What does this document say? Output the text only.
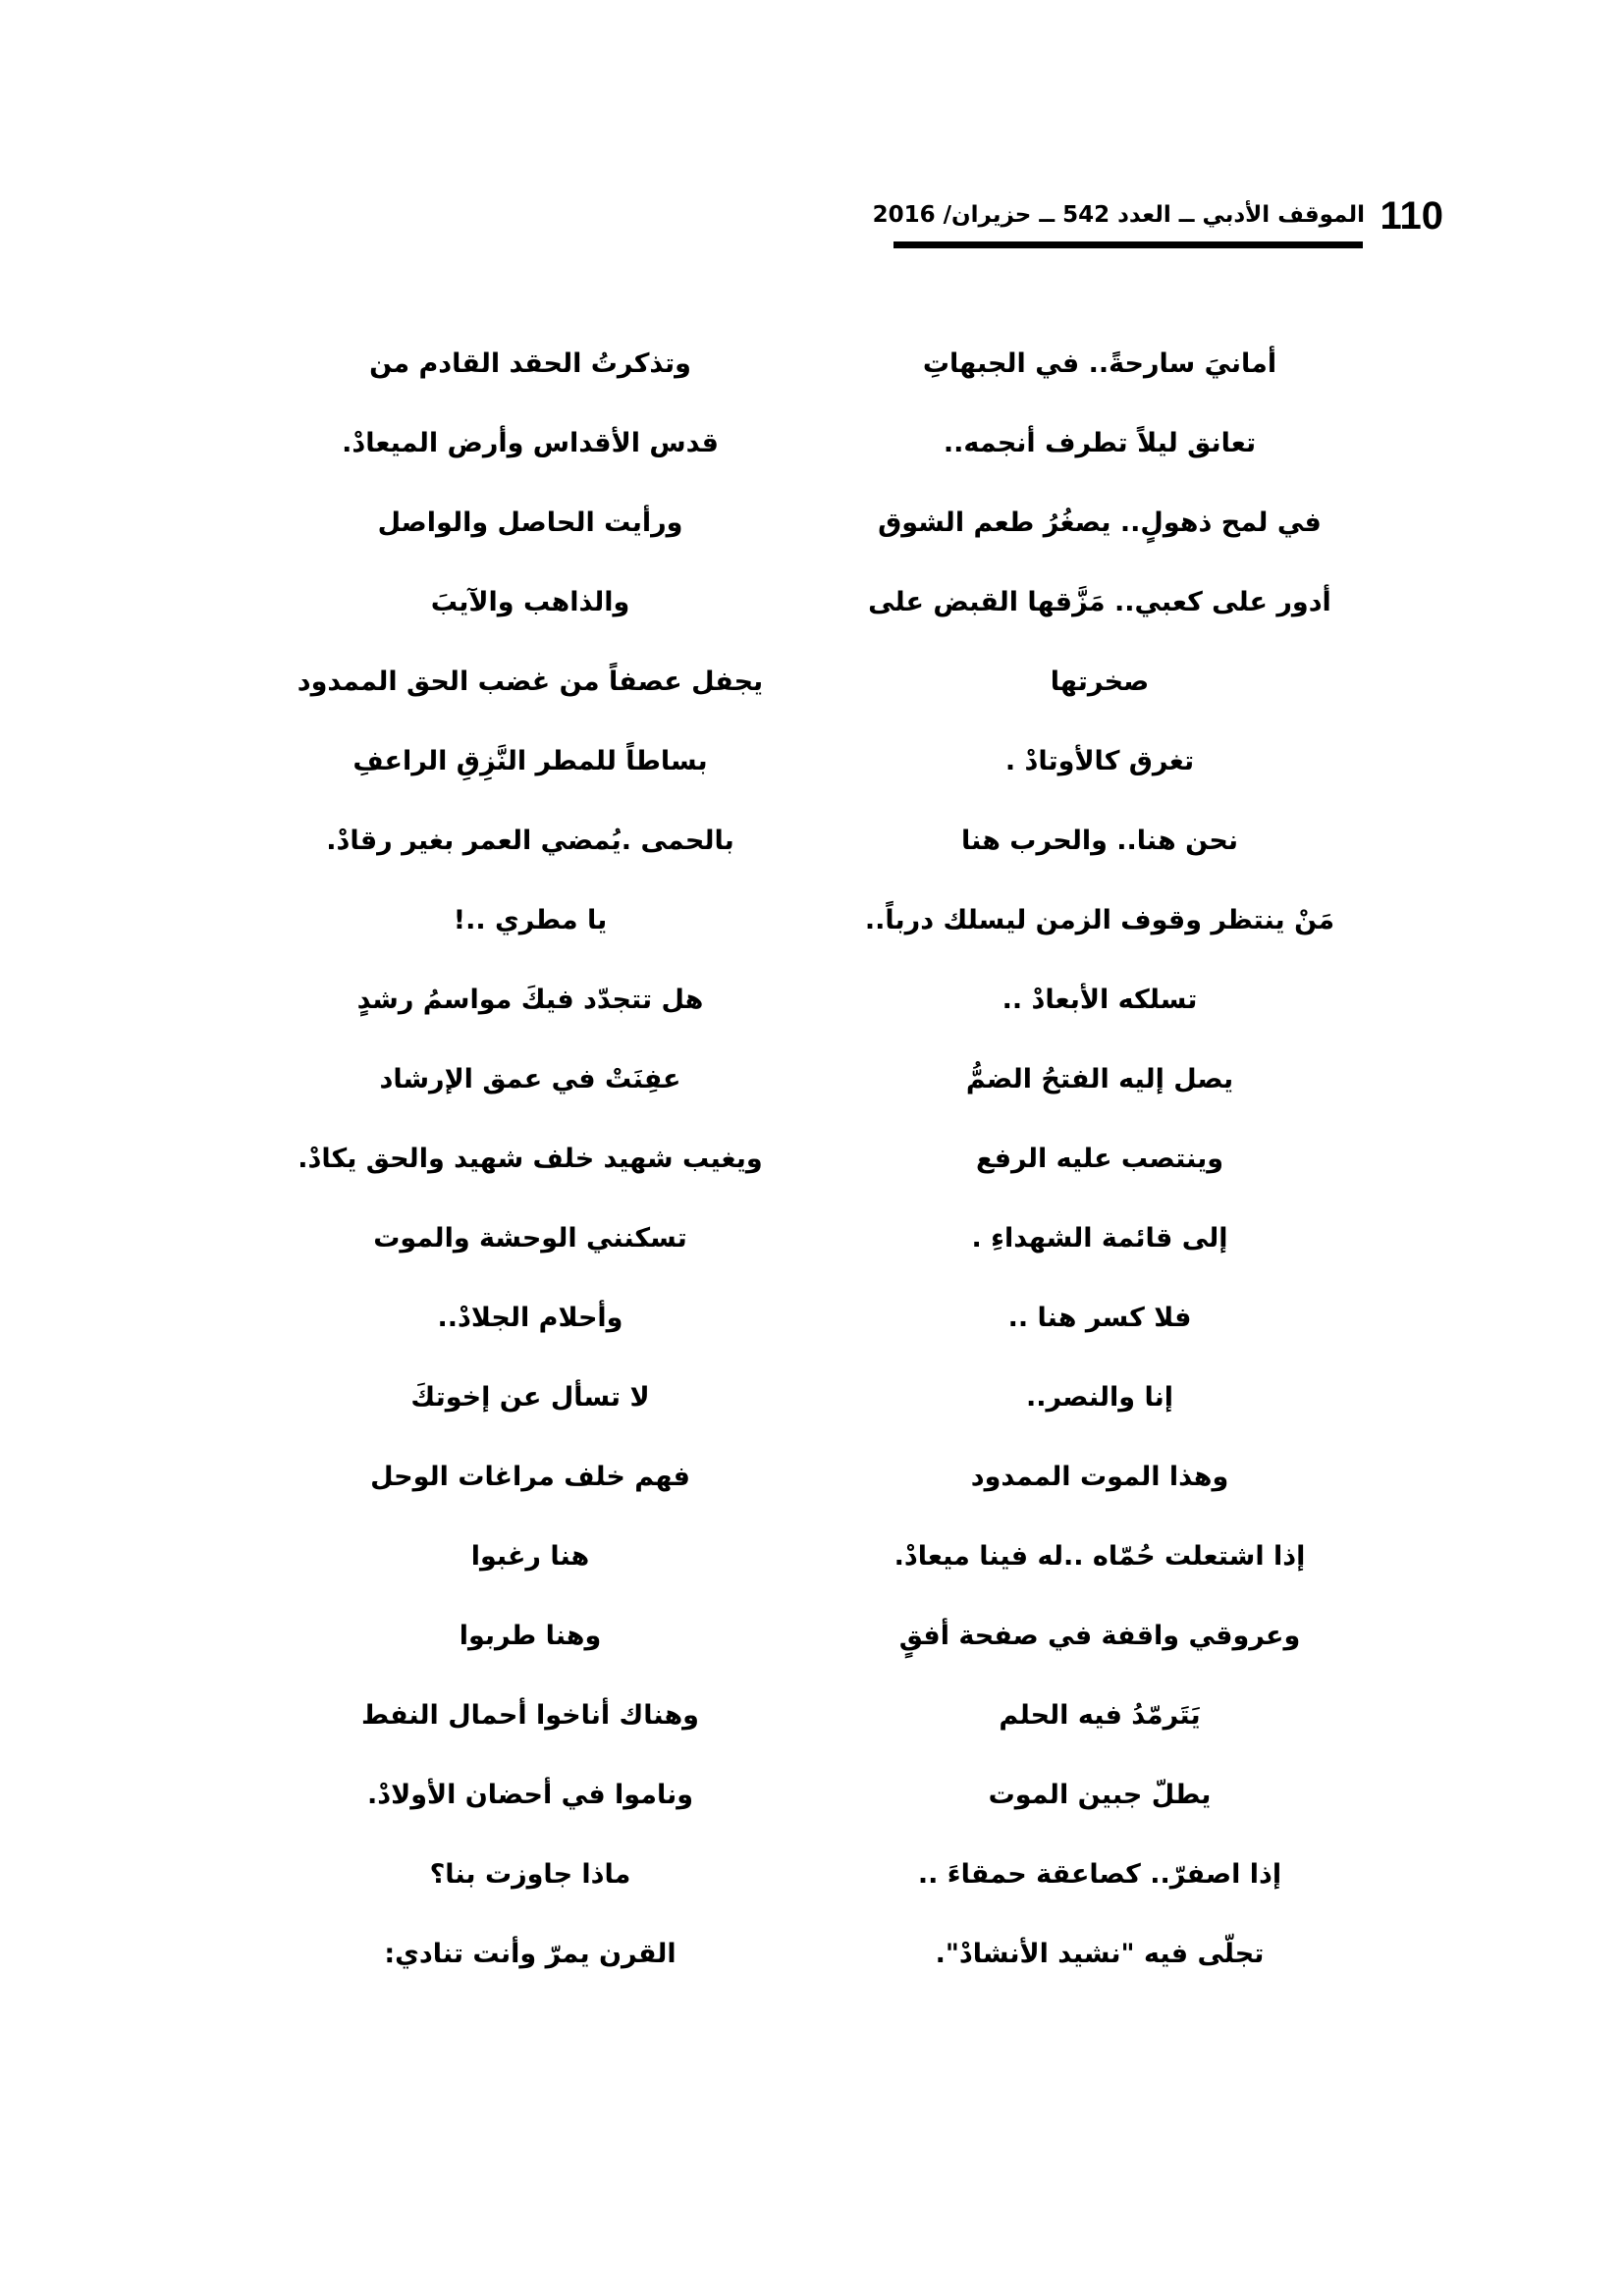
110
الموقف الأدبي ــ العدد 542 ــ حزيران/ 2016
أمانيَ سارحةً.. في الجبهاتِ
تعانق ليلاً تطرف أنجمه..
في لمح ذهولٍ.. يصغُرُ طعم الشوق
أدور على كعبي.. مَزَّقها القبض على
صخرتها
تغرق كالأوتادْ .
نحن هنا.. والحرب هنا
مَنْ ينتظر وقوف الزمن ليسلك درباً..
تسلكه الأبعادْ ..
يصل إليه الفتحُ الضمُّ
وينتصب عليه الرفع
إلى قائمة الشهداءِ .
فلا كسر هنا ..
إنا والنصر..
وهذا الموت الممدود
إذا اشتعلت حُمّاه ..له فينا ميعادْ.
وعروقي واقفة في صفحة أفقٍ
يَتَرمّدُ فيه الحلم
يطلّ جبين الموت
إذا اصفرّ.. كصاعقة حمقاءَ ..
تجلّى فيه "نشيد الأنشادْ".
وتذكرتُ الحقد القادم من
قدس الأقداس وأرض الميعادْ.
ورأيت الحاصل والواصل
والذاهب والآيبَ
يجفل عصفاً من غضب الحق الممدود
بساطاً للمطر النَّزِقِ الراعفِ
بالحمى .يُمضي العمر بغير رقادْ.
يا مطري ..!
هل تتجدّد فيكَ مواسمُ رشدٍ
عفِنَتْ في عمق الإرشاد
ويغيب شهيد خلف شهيد والحق يكادْ.
تسكنني الوحشة والموت
وأحلام الجلادْ..
لا تسأل عن إخوتكَ
فهم خلف مراغات الوحل
هنا رغبوا
وهنا طربوا
وهناك أناخوا أحمال النفط
وناموا في أحضان الأولادْ.
ماذا جاوزت بنا؟
القرن يمرّ وأنت تنادي:
